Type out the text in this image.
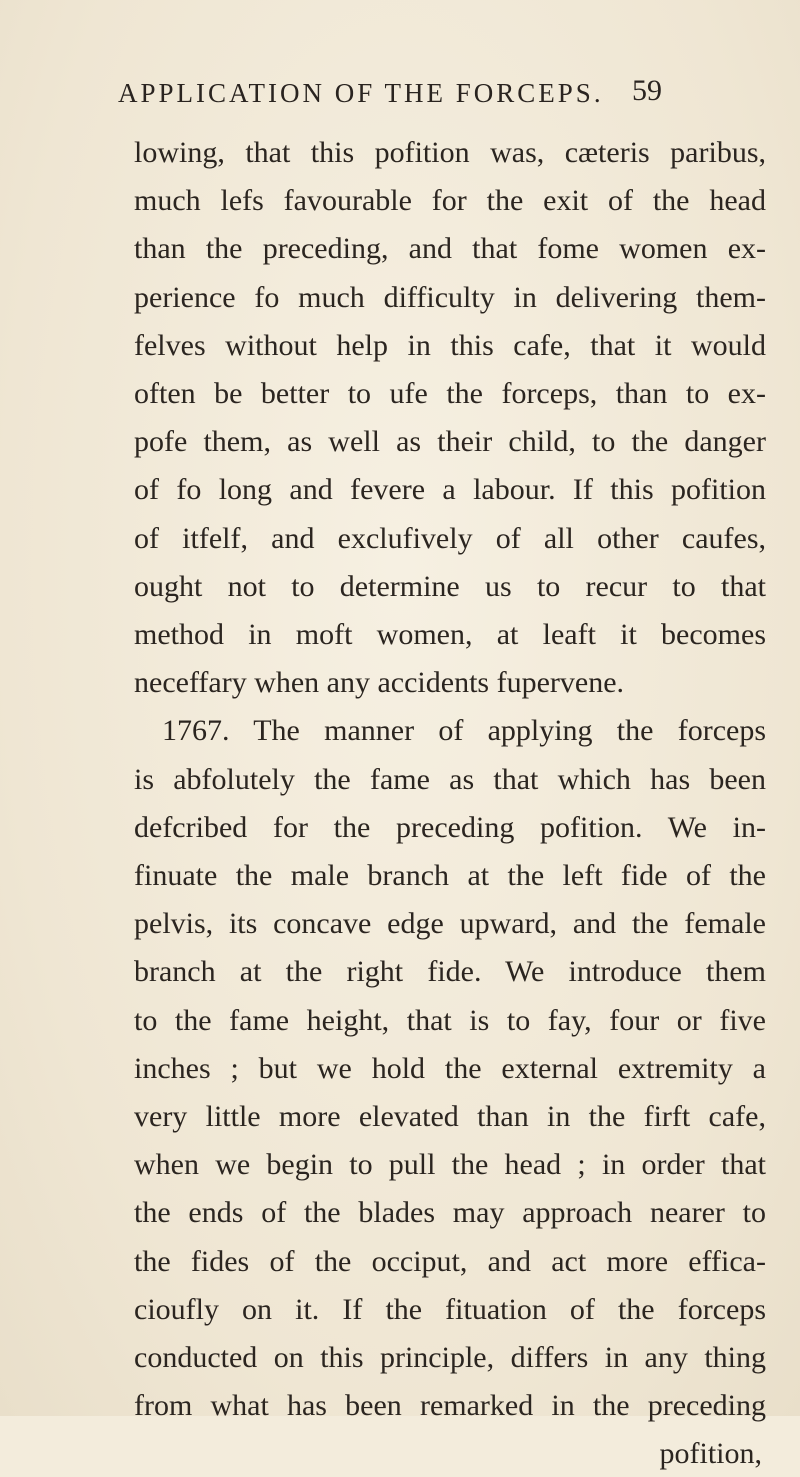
APPLICATION OF THE FORCEPS. 59
lowing, that this pofition was, cæteris paribus,
much lefs favourable for the exit of the head
than the preceding, and that fome women ex-
perience fo much difficulty in delivering them-
felves without help in this cafe, that it would
often be better to ufe the forceps, than to ex-
pofe them, as well as their child, to the danger
of fo long and fevere a labour. If this pofition
of itfelf, and exclufively of all other caufes,
ought not to determine us to recur to that
method in moft women, at leaft it becomes
neceffary when any accidents fupervene.
1767. The manner of applying the forceps
is abfolutely the fame as that which has been
defcribed for the preceding pofition. We in-
finuate the male branch at the left fide of the
pelvis, its concave edge upward, and the female
branch at the right fide. We introduce them
to the fame height, that is to fay, four or five
inches ; but we hold the external extremity a
very little more elevated than in the firft cafe,
when we begin to pull the head ; in order that
the ends of the blades may approach nearer to
the fides of the occiput, and act more effica-
cioufly on it. If the fituation of the forceps
conducted on this principle, differs in any thing
from what has been remarked in the preceding
pofition,
